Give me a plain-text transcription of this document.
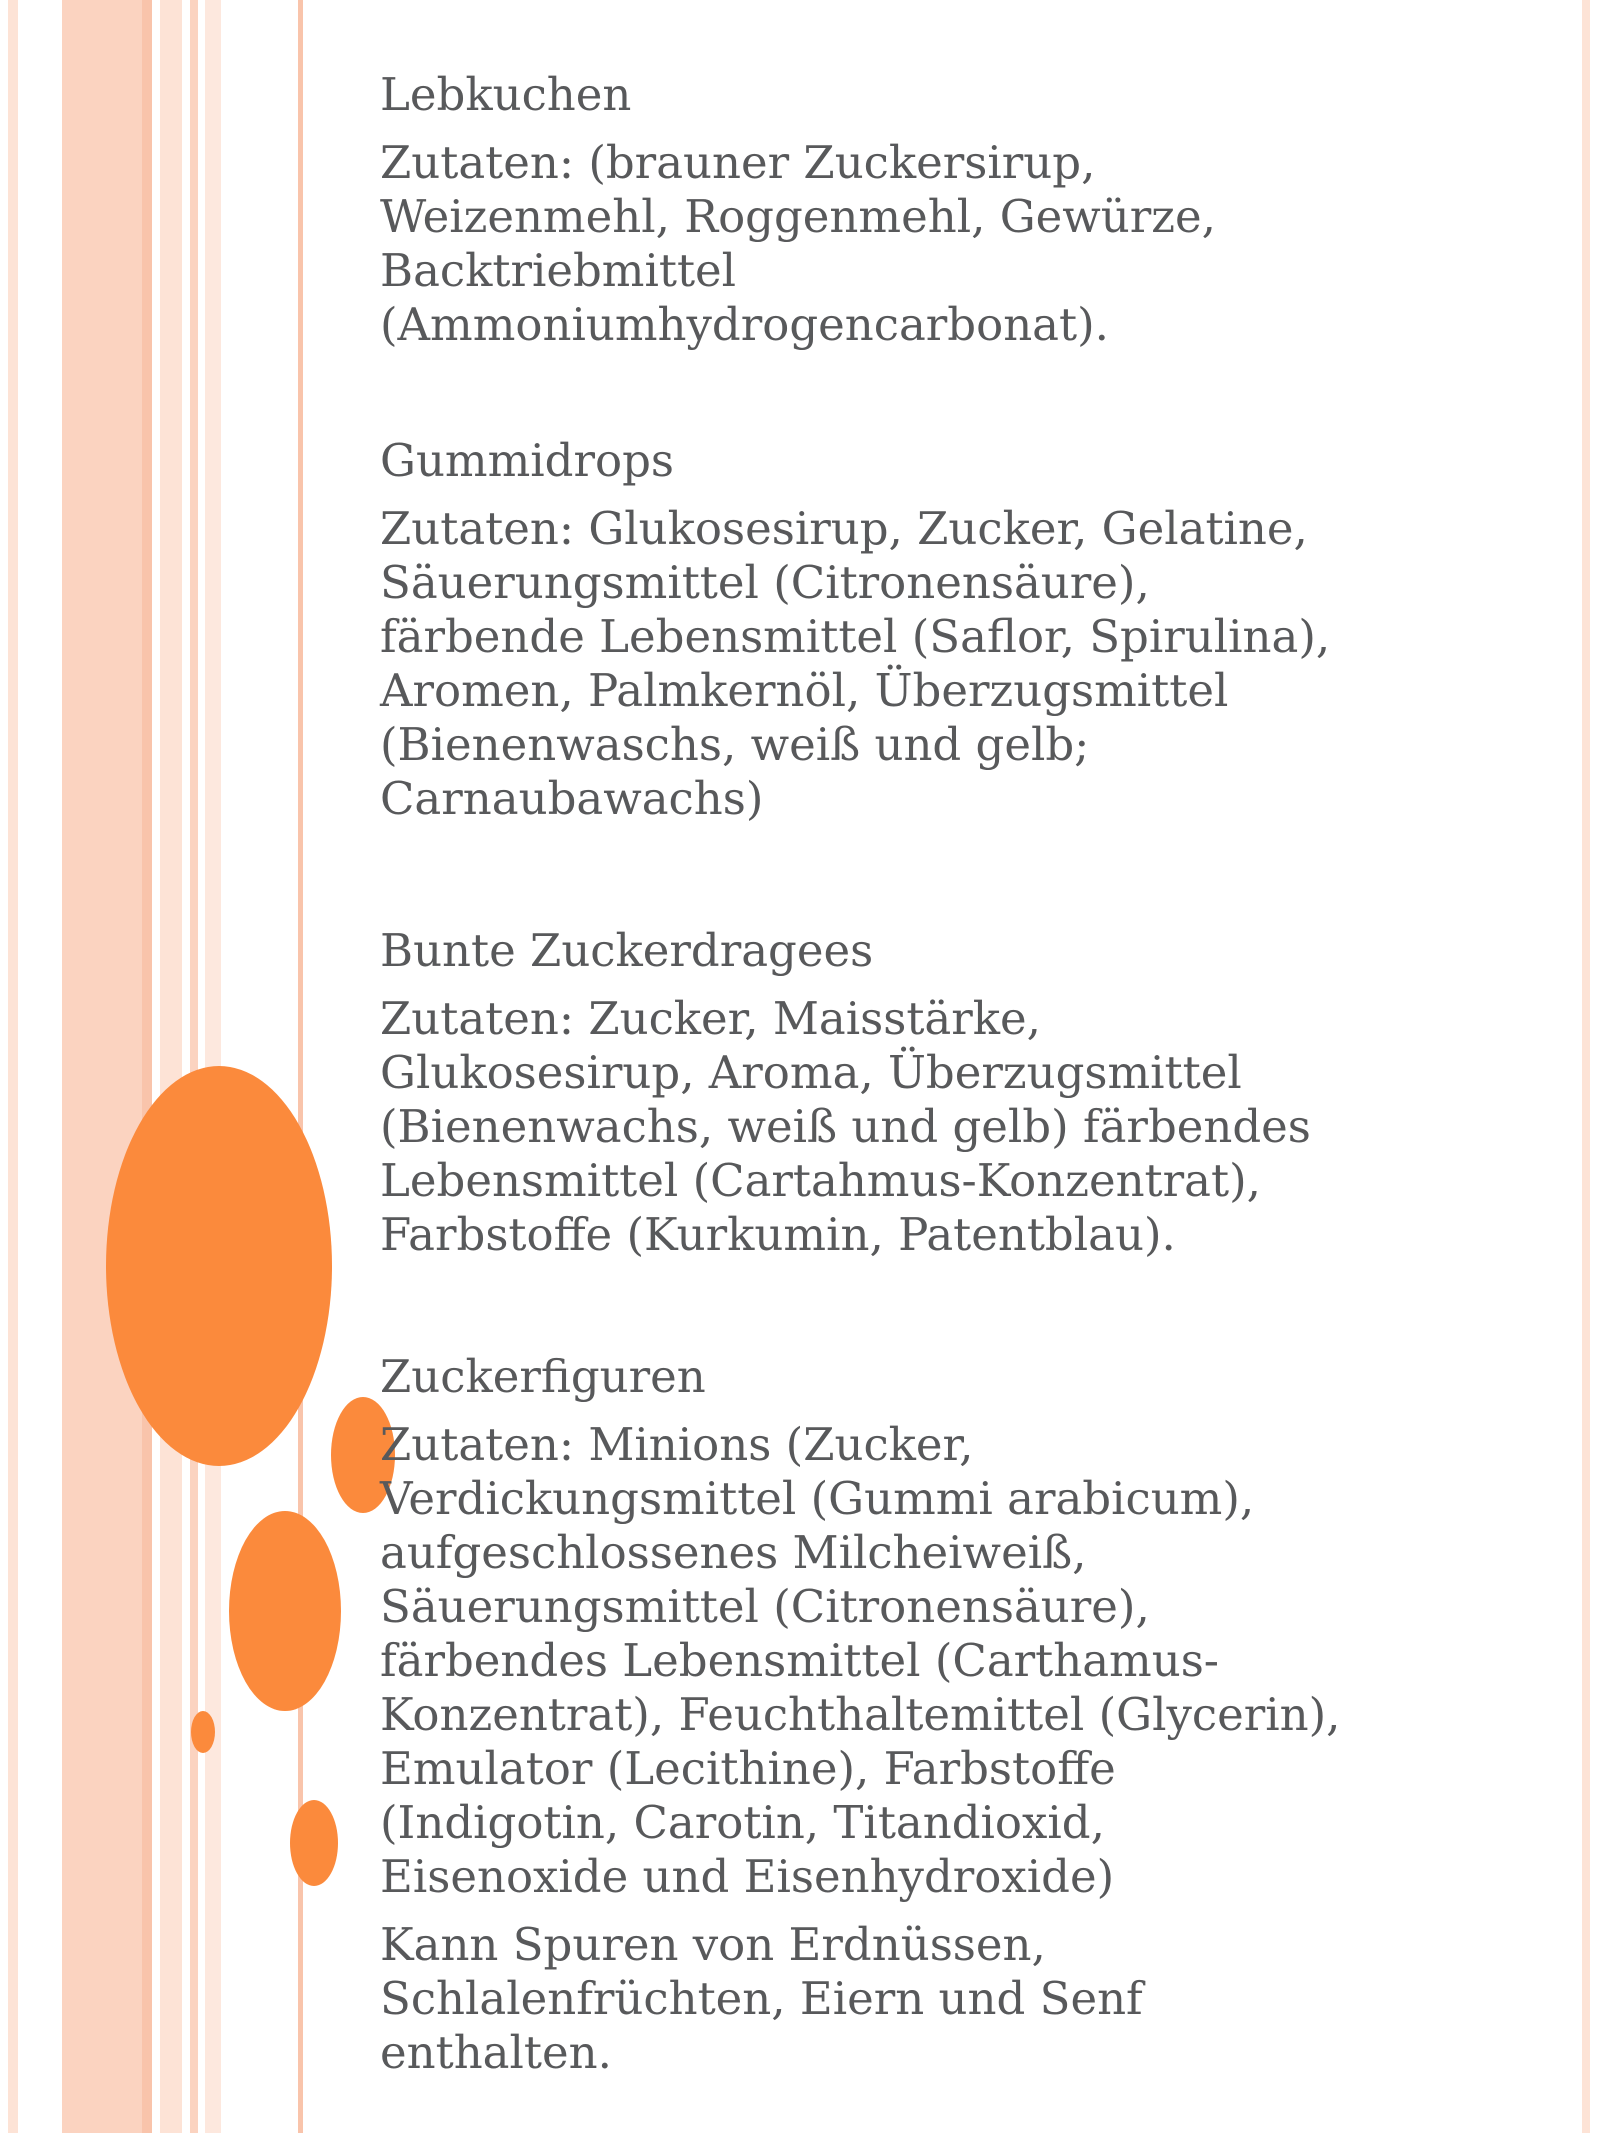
Lebkuchen
Zutaten: (brauner Zuckersirup,
Weizenmehl, Roggenmehl, Gewürze,
Backtriebmittel
(Ammoniumhydrogencarbonat).
Gummidrops
Zutaten: Glukosesirup, Zucker, Gelatine,
Säuerungsmittel (Citronensäure),
färbende Lebensmittel (Saflor, Spirulina),
Aromen, Palmkernöl, Überzugsmittel
(Bienenwaschs, weiß und gelb;
Carnaubawachs)
Bunte Zuckerdragees
Zutaten: Zucker, Maisstärke,
Glukosesirup, Aroma, Überzugsmittel
(Bienenwachs, weiß und gelb) färbendes
Lebensmittel (Cartahmus-Konzentrat),
Farbstoffe (Kurkumin, Patentblau).
Zuckerfiguren
Zutaten: Minions (Zucker,
Verdickungsmittel (Gummi arabicum),
aufgeschlossenes Milcheiweiß,
Säuerungsmittel (Citronensäure),
färbendes Lebensmittel (Carthamus-
Konzentrat), Feuchthaltemittel (Glycerin),
Emulator (Lecithine), Farbstoffe
(Indigotin, Carotin, Titandioxid,
Eisenoxide und Eisenhydroxide)
Kann Spuren von Erdnüssen,
Schlalenfrüchten, Eiern und Senf
enthalten.
